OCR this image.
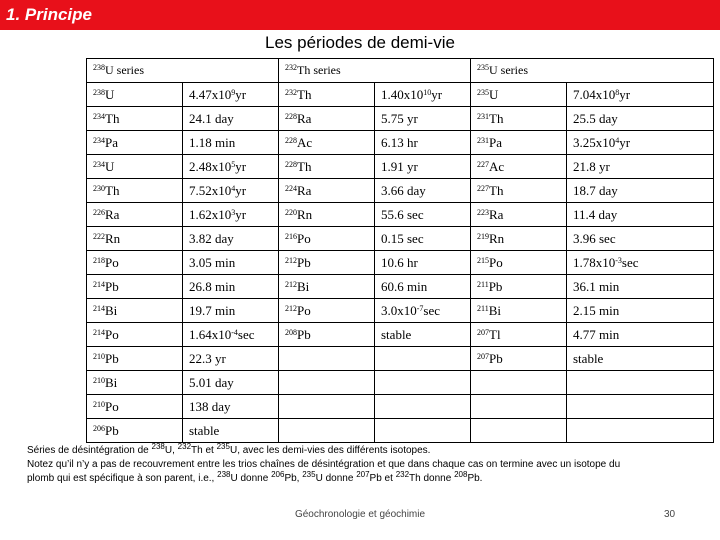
1. Principe
Les périodes de demi-vie
$^{238}$U series		$^{232}$Th series		$^{235}$U series	
$^{238}$U	$4.47x10^9yr$	$^{232}$Th	$1.40x10^{10}yr$	$^{235}$U	$7.04x10^8yr$
$^{234}$Th	24.1 day	$^{228}$Ra	5.75 yr	$^{231}$Th	25.5 day
$^{234}$Pa	1.18 min	$^{228}$Ac	6.13 hr	$^{231}$Pa	$3.25x10^4yr$
$^{234}$U	$2.48x10^5yr$	$^{228}$Th	1.91 yr	$^{227}$Ac	21.8 yr
$^{230}$Th	$7.52x10^4yr$	$^{224}$Ra	3.66 day	$^{227}$Th	18.7 day
$^{226}$Ra	$1.62x10^3yr$	$^{220}$Rn	55.6 sec	$^{223}$Ra	11.4 day
$^{222}$Rn	3.82 day	$^{216}$Po	0.15 sec	$^{219}$Rn	3.96 sec
$^{218}$Po	3.05 min	$^{212}$Pb	10.6 hr	$^{215}$Po	$1.78x10^{-3}\sec$
$^{214}$Pb	26.8 min	$^{212}$Bi	60.6 min	$^{211}$Pb	36.1 min
$^{214}$Bi	19.7 min	$^{212}$Po	$3.0x10^{-7}\sec$	$^{211}$Bi	2.15 min
$^{214}$Po	$1.64x10^{-4}\sec$	$^{208}$Pb	stable	$^{207}$Tl	4.77 min
$^{210}$Pb	22.3 yr			$^{207}$Pb	stable
$^{210}$Bi	5.01 day				
$^{210}$Po	138 day				
$^{206}$Pb	stable				
Séries de désintégration de $^{238}$U, $^{232}$Th et $^{235}$U, avec les demi-vies des différents isotopes.
Notez qu’il n’y a pas de recouvrement entre les trios chaînes de désintégration et que dans chaque cas on termine avec un isotope du
plomb qui est spécifique à son parent, i.e., $^{238}$U donne $^{206}$Pb, $^{235}$U donne $^{207}$Pb et $^{232}$Th donne $^{208}$Pb.
Géochronologie et géochimie	30
